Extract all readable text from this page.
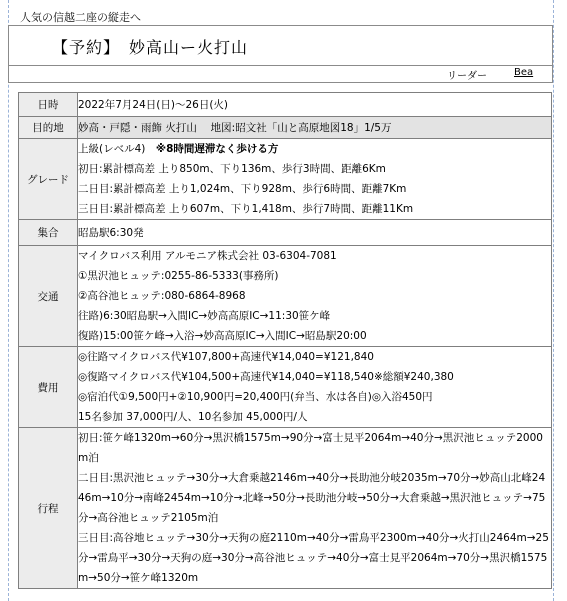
人気の信越二座の縦走へ
【予約】　妙高山ー火打山
リーダー	Bea
日時	2022年7月24日(日)〜26日(火)

目的地	妙高・戸隠・雨飾 火打山　 地図:昭文社「山と高原地図18」1/5万

グレード	上級(レベル4)　 ※8時間遅滞なく歩ける方
初日:累計標高差 上り850m、下り136m、歩行3時間、距離6Km
二日目:累計標高差 上り1,024m、下り928m、歩行6時間、距離7Km
三日目:累計標高差 上り607m、下り1,418m、歩行7時間、距離11Km

集合	昭島駅6:30発

交通	マイクロバス利用 アルモニア株式会社 03-6304-7081
①黒沢池ヒュッテ:0255-86-5333(事務所)
②高谷池ヒュッテ:080-6864-8968
往路)6:30昭島駅→入間IC→妙高高原IC→11:30笹ケ峰
復路)15:00笹ケ峰→入浴→妙高高原IC→入間IC→昭島駅20:00

費用	◎往路マイクロバス代¥107,800+高速代¥14,040=¥121,840
◎復路マイクロバス代¥104,500+高速代¥14,040=¥118,540※総額¥240,380
◎宿泊代①9,500円+②10,900円=20,400円(弁当、水は各自)◎入浴450円
15名参加 37,000円/人、10名参加 45,000円/人

行程	初日:笹ケ峰1320m→60分→黒沢橋1575m→90分→富士見平2064m→40分→黒沢池ヒュッテ2000m泊
二日目:黒沢池ヒュッテ→30分→大倉乗越2146m→40分→長助池分岐2035m→70分→妙高山北峰2446m→10分→南峰2454m→10分→北峰→50分→長助池分岐→50分→大倉乗越→黒沢池ヒュッテ→75分→高谷池ヒュッテ2105m泊
三日目:高谷地ヒュッテ→30分→天狗の庭2110m→40分→雷鳥平2300m→40分→火打山2464m→25分→雷鳥平→30分→天狗の庭→30分→高谷池ヒュッテ→40分→富士見平2064m→70分→黒沢橋1575m→50分→笹ケ峰1320m
